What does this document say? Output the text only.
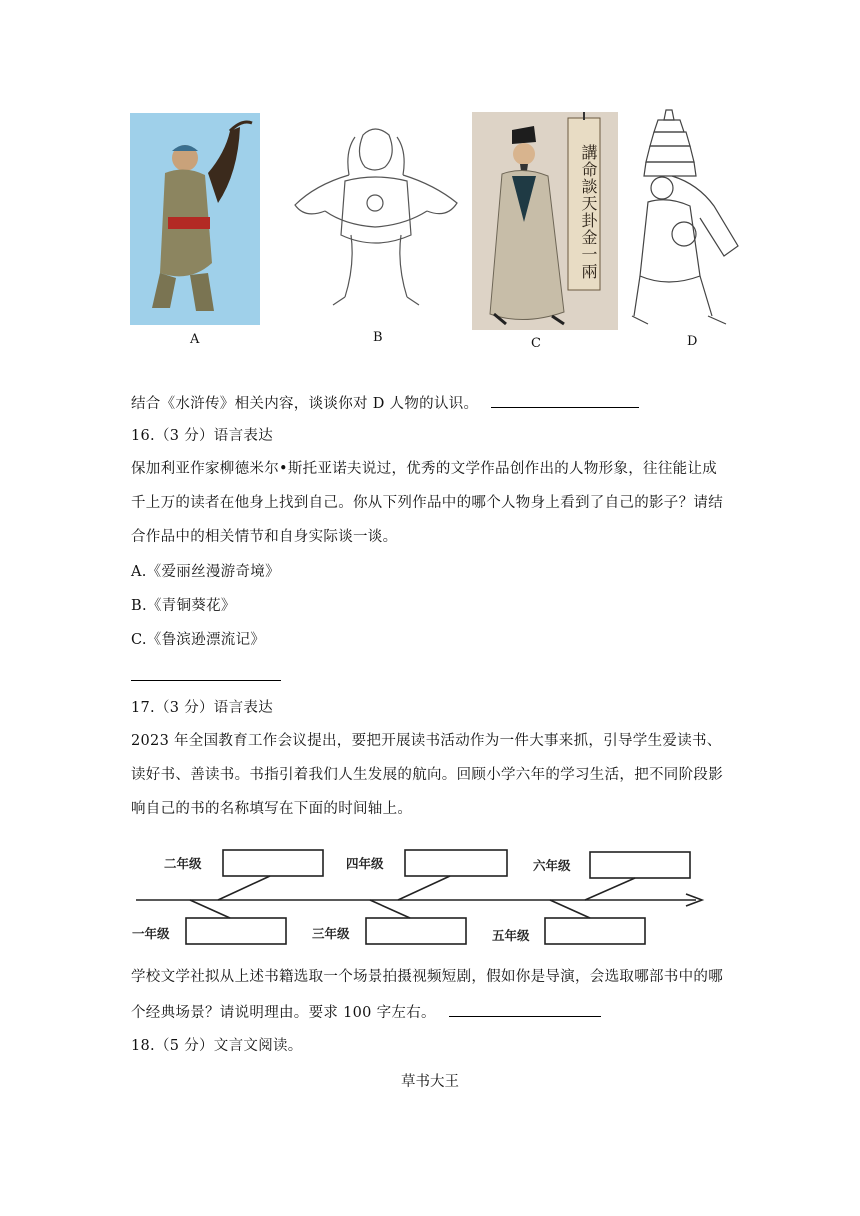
A	B
講命談天卦金一兩
C	D
结合《水浒传》相关内容，谈谈你对 D 人物的认识。
16.（3 分）语言表达
保加利亚作家柳德米尔•斯托亚诺夫说过，优秀的文学作品创作出的人物形象，往往能让成
千上万的读者在他身上找到自己。你从下列作品中的哪个人物身上看到了自己的影子？请结
合作品中的相关情节和自身实际谈一谈。
A.《爱丽丝漫游奇境》
B.《青铜葵花》
C.《鲁滨逊漂流记》
17.（3 分）语言表达
2023 年全国教育工作会议提出，要把开展读书活动作为一件大事来抓，引导学生爱读书、
读好书、善读书。书指引着我们人生发展的航向。回顾小学六年的学习生活，把不同阶段影
响自己的书的名称填写在下面的时间轴上。
二年级	四年级	六年级
一年级	三年级	五年级
学校文学社拟从上述书籍选取一个场景拍摄视频短剧，假如你是导演，会选取哪部书中的哪
个经典场景？请说明理由。要求 100 字左右。
18.（5 分）文言文阅读。
草书大王
